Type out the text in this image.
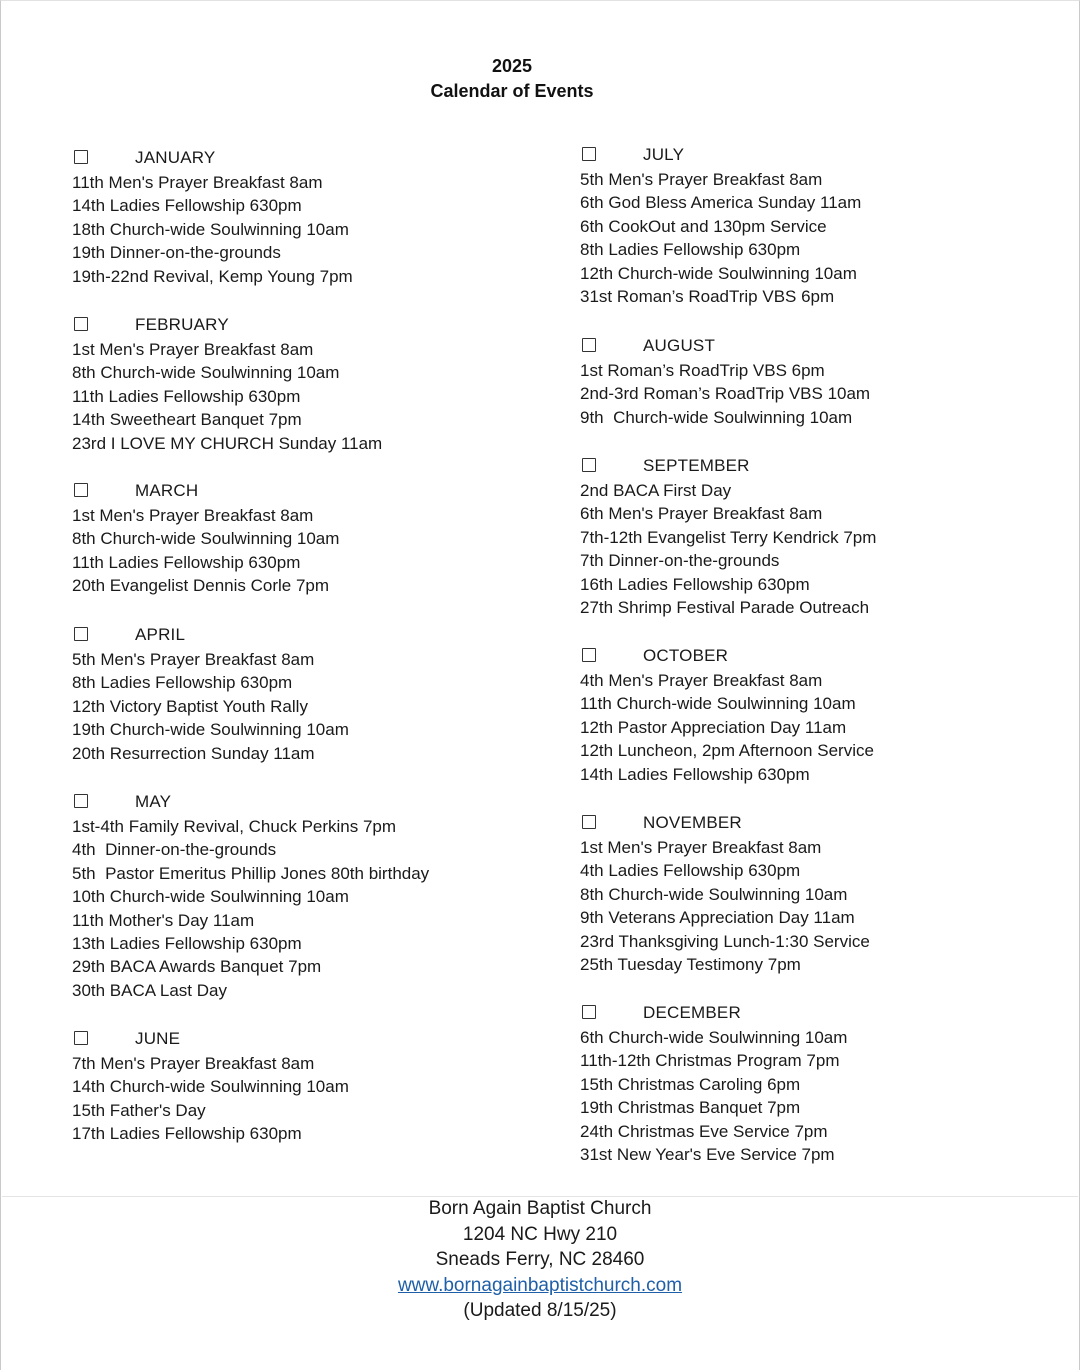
2025
Calendar of Events
JANUARY
11th Men's Prayer Breakfast 8am
14th Ladies Fellowship 630pm
18th Church-wide Soulwinning 10am
19th Dinner-on-the-grounds
19th-22nd Revival, Kemp Young 7pm
FEBRUARY
1st Men's Prayer Breakfast 8am
8th Church-wide Soulwinning 10am
11th Ladies Fellowship 630pm
14th Sweetheart Banquet 7pm
23rd I LOVE MY CHURCH Sunday 11am
MARCH
1st Men's Prayer Breakfast 8am
8th Church-wide Soulwinning 10am
11th Ladies Fellowship 630pm
20th Evangelist Dennis Corle 7pm
APRIL
5th Men's Prayer Breakfast 8am
8th Ladies Fellowship 630pm
12th Victory Baptist Youth Rally
19th Church-wide Soulwinning 10am
20th Resurrection Sunday 11am
MAY
1st-4th Family Revival, Chuck Perkins 7pm
4th  Dinner-on-the-grounds
5th  Pastor Emeritus Phillip Jones 80th birthday
10th Church-wide Soulwinning 10am
11th Mother's Day 11am
13th Ladies Fellowship 630pm
29th BACA Awards Banquet 7pm
30th BACA Last Day
JUNE
7th Men's Prayer Breakfast 8am
14th Church-wide Soulwinning 10am
15th Father's Day
17th Ladies Fellowship 630pm
JULY
5th Men's Prayer Breakfast 8am
6th God Bless America Sunday 11am
6th CookOut and 130pm Service
8th Ladies Fellowship 630pm
12th Church-wide Soulwinning 10am
31st Roman’s RoadTrip VBS 6pm
AUGUST
1st Roman’s RoadTrip VBS 6pm
2nd-3rd Roman’s RoadTrip VBS 10am
9th  Church-wide Soulwinning 10am
SEPTEMBER
2nd BACA First Day
6th Men's Prayer Breakfast 8am
7th-12th Evangelist Terry Kendrick 7pm
7th Dinner-on-the-grounds
16th Ladies Fellowship 630pm
27th Shrimp Festival Parade Outreach
OCTOBER
4th Men's Prayer Breakfast 8am
11th Church-wide Soulwinning 10am
12th Pastor Appreciation Day 11am
12th Luncheon, 2pm Afternoon Service
14th Ladies Fellowship 630pm
NOVEMBER
1st Men's Prayer Breakfast 8am
4th Ladies Fellowship 630pm
8th Church-wide Soulwinning 10am
9th Veterans Appreciation Day 11am
23rd Thanksgiving Lunch-1:30 Service
25th Tuesday Testimony 7pm
DECEMBER
6th Church-wide Soulwinning 10am
11th-12th Christmas Program 7pm
15th Christmas Caroling 6pm
19th Christmas Banquet 7pm
24th Christmas Eve Service 7pm
31st New Year's Eve Service 7pm
Born Again Baptist Church
1204 NC Hwy 210
Sneads Ferry, NC 28460
www.bornagainbaptistchurch.com
(Updated 8/15/25)
